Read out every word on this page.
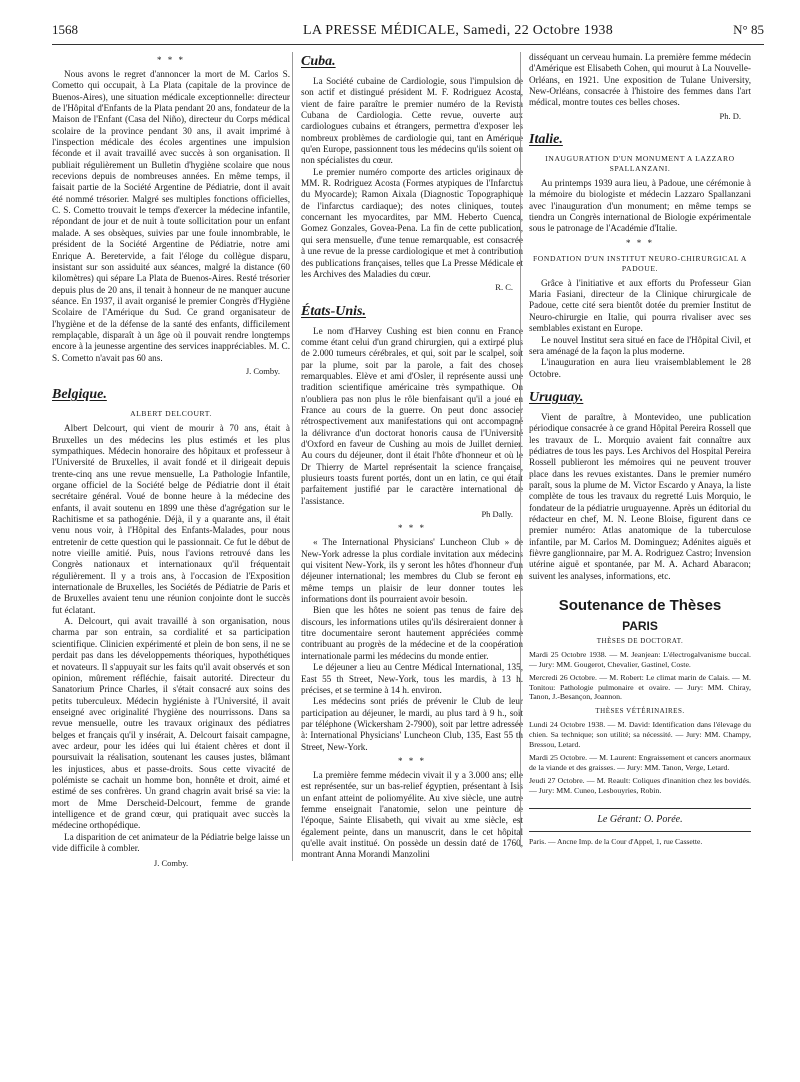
1568	LA PRESSE MÉDICALE, Samedi, 22 Octobre 1938	N° 85
* * *

Nous avons le regret d'annoncer la mort de M. Carlos S. Cometto qui occupait, à La Plata (capitale de la province de Buenos-Aires), une situation médicale exceptionnelle: directeur de l'Hôpital d'Enfants de la Plata pendant 20 ans, fondateur de la Maison de l'Enfant (Casa del Niño), directeur du Corps médical scolaire de la province pendant 30 ans, il avait imprimé à l'inspection médicale des écoles argentines une impulsion féconde et il avait travaillé avec succès à son organisation. Il publiait régulièrement un Bulletin d'hygiène scolaire que nous recevions depuis de nombreuses années. En même temps, il faisait partie de la Société Argentine de Pédiatrie, dont il avait été nommé trésorier. Malgré ses multiples fonctions officielles, C. S. Cometto trouvait le temps d'exercer la médecine infantile, répondant de jour et de nuit à toute sollicitation pour un enfant malade. A ses obsèques, suivies par une foule innombrable, le président de la Société Argentine de Pédiatrie, notre ami Enrique A. Beretervide, a fait l'éloge du collègue disparu, insistant sur son assiduité aux séances, malgré la distance (60 kilomètres) qui sépare La Plata de Buenos-Aires. Resté trésorier depuis plus de 20 ans, il tenait à honneur de ne manquer aucune séance. En 1937, il avait organisé le premier Congrès d'Hygiène Scolaire de l'Amérique du Sud. Ce grand organisateur de l'hygiène et de la défense de la santé des enfants, difficilement remplaçable, disparaît à un âge où il pouvait rendre longtemps encore à la jeunesse argentine des services inappréciables. M. C. S. Cometto n'avait pas 60 ans.

J. Comby.
Belgique.
ALBERT DELCOURT.

Albert Delcourt, qui vient de mourir à 70 ans, était à Bruxelles un des médecins les plus estimés et les plus sympathiques. Médecin honoraire des hôpitaux et professeur à l'Université de Bruxelles, il avait fondé et il dirigeait depuis trente-cinq ans une revue mensuelle, La Pathologie Infantile, organe officiel de la Société belge de Pédiatrie dont il était secrétaire général. Voué de bonne heure à la médecine des enfants, il avait soutenu en 1899 une thèse d'agrégation sur le Rachitisme et sa pathogénie. Déjà, il y a quarante ans, il était venu nous voir, à l'Hôpital des Enfants-Malades, pour nous entretenir de cette question qui le passionnait. Ce fut le début de notre vieille amitié. Puis, nous l'avions retrouvé dans les Congrès nationaux et internationaux qu'il fréquentait régulièrement. Il y a trois ans, à l'occasion de l'Exposition internationale de Bruxelles, les Sociétés de Pédiatrie de Paris et de Bruxelles avaient tenu une réunion conjointe dont le succès fut éclatant.

A. Delcourt, qui avait travaillé à son organisation, nous charma par son entrain, sa cordialité et sa participation scientifique. Clinicien expérimenté et plein de bon sens, il ne se perdait pas dans les développements théoriques, hypothétiques et novateurs. Il s'appuyait sur les faits qu'il avait observés et son opinion, mûrement réfléchie, faisait autorité. Directeur du Sanatorium Prince Charles, il s'était consacré aux soins des petits tuberculeux. Médecin hygiéniste à l'Université, il avait enseigné avec originalité l'hygiène des nourrissons. Dans sa revue mensuelle, outre les travaux originaux des pédiatres belges et français qu'il y insérait, A. Delcourt faisait campagne, avec ardeur, pour les idées qui lui étaient chères et dont il poursuivait la réalisation, soutenant les causes justes, blâmant les injustices, abus et passe-droits. Sous cette vivacité de polémiste se cachait un homme bon, honnête et droit, aimé et estimé de ses confrères. Un grand chagrin avait brisé sa vie: la mort de Mme Derscheid-Delcourt, femme de grande intelligence et de grand cœur, qui pratiquait avec succès la médecine orthopédique.

La disparition de cet animateur de la Pédiatrie belge laisse un vide difficile à combler.

J. Comby.
Cuba.

La Société cubaine de Cardiologie, sous l'impulsion de son actif et distingué président M. F. Rodriguez Acosta, vient de faire paraître le premier numéro de la Revista Cubana de Cardiologia. Cette revue, ouverte aux cardiologues cubains et étrangers, permettra d'exposer les nombreux problèmes de cardiologie qui, tant en Amérique qu'en Europe, passionnent tous les médecins qu'ils soient ou non spécialistes du cœur.

Le premier numéro comporte des articles originaux de MM. R. Rodriguez Acosta (Formes atypiques de l'Infarctus du Myocarde); Ramon Aixala (Diagnostic Topographique de l'infarctus cardiaque); des notes cliniques, toutes concernant les myocardites, par MM. Heberto Cuenca, Gomez Gonzales, Govea-Pena. La fin de cette publication, qui sera mensuelle, d'une tenue remarquable, est consacrée à une revue de la presse cardiologique et met à contribution des publications françaises, telles que La Presse Médicale et les Archives des Maladies du cœur.

R. C.
États-Unis.

Le nom d'Harvey Cushing est bien connu en France comme étant celui d'un grand chirurgien, qui a extirpé plus de 2.000 tumeurs cérébrales, et qui, soit par le scalpel, soit par la plume, soit par la parole, a fait des choses remarquables. Elève et ami d'Osler, il représente aussi une tradition scientifique américaine très sympathique. On n'oubliera pas non plus le rôle bienfaisant qu'il a joué en France au cours de la guerre. On peut donc associer rétrospectivement aux manifestations qui ont accompagné la délivrance d'un doctorat honoris causa de l'Université d'Oxford en faveur de Cushing au mois de Juillet dernier. Au cours du déjeuner, dont il était l'hôte d'honneur et où le Dr Thierry de Martel représentait la science française, plusieurs toasts furent portés, dont un en latin, ce qui était parfaitement justifié par le caractère international de l'assistance.

Ph Dally.
* * *

« The International Physicians' Luncheon Club » de New-York adresse la plus cordiale invitation aux médecins qui visitent New-York, ils y seront les hôtes d'honneur d'un déjeuner international; les membres du Club se feront en même temps un plaisir de leur donner toutes les informations dont ils pourraient avoir besoin.

Bien que les hôtes ne soient pas tenus de faire des discours, les informations utiles qu'ils désireraient donner à titre documentaire seront hautement appréciées comme contribuant au progrès de la médecine et de la coopération internationale parmi les médecins du monde entier.

Le déjeuner a lieu au Centre Médical International, 135, East 55 th Street, New-York, tous les mardis, à 13 h. précises, et se termine à 14 h. environ.

Les médecins sont priés de prévenir le Club de leur participation au déjeuner, le mardi, au plus tard à 9 h., soit par téléphone (Wickersham 2-7900), soit par lettre adressée à: International Physicians' Luncheon Club, 135, East 55 th Street, New-York.

* * *

La première femme médecin vivait il y a 3.000 ans; elle est représentée, sur un bas-relief égyptien, présentant à Isis un enfant atteint de poliomyélite. Au xive siècle, une autre femme enseignait l'anatomie, selon une peinture de l'époque, Sainte Elisabeth, qui vivait au xme siècle, est également peinte, dans un manuscrit, dans le cet hôpital qu'elle avait institué. On possède un dessin daté de 1760, montrant Anna Morandi Manzolini

disséquant un cerveau humain. La première femme médecin d'Amérique est Elisabeth Cohen, qui mourut à La Nouvelle-Orléans, en 1921. Une exposition de Tulane University, New-Orléans, consacrée à l'histoire des femmes dans l'art médical, montre toutes ces belles choses.

Ph. D.
Italie.
INAUGURATION D'UN MONUMENT A LAZZARO SPALLANZANI.

Au printemps 1939 aura lieu, à Padoue, une cérémonie à la mémoire du biologiste et médecin Lazzaro Spallanzani avec l'inauguration d'un monument; en même temps se tiendra un Congrès international de Biologie expérimentale sous le patronage de l'Académie d'Italie.

* * *
FONDATION D'UN INSTITUT NEURO-CHIRURGICAL A PADOUE.

Grâce à l'initiative et aux efforts du Professeur Gian Maria Fasiani, directeur de la Clinique chirurgicale de Padoue, cette cité sera bientôt dotée du premier Institut de Neuro-chirurgie en Italie, qui pourra rivaliser avec ses semblables existant en Europe.

Le nouvel Institut sera situé en face de l'Hôpital Civil, et sera aménagé de la façon la plus moderne.

L'inauguration en aura lieu vraisemblablement le 28 Octobre.

Uruguay.

Vient de paraître, à Montevideo, une publication périodique consacrée à ce grand Hôpital Pereira Rossell que les travaux de L. Morquio avaient fait connaître aux pédiatres de tous les pays. Les Archivos del Hospital Pereira Rossell publieront les mémoires qui ne peuvent trouver place dans les revues existantes. Dans le premier numéro paraît, sous la plume de M. Victor Escardo y Anaya, la liste complète de tous les travaux du regretté Luis Morquio, le fondateur de la pédiatrie uruguayenne. Après un éditorial du rédacteur en chef, M. N. Leone Bloise, figurent dans ce premier numéro: Atlas anatomique de la tuberculose infantile, par M. Carlos M. Dominguez; Adénites aiguës et fièvre ganglionnaire, par M. A. Rodriguez Castro; Invension utérine aiguë et spontanée, par M. A. Achard Abaracon; suivent les analyses, informations, etc.

Soutenance de Thèses
PARIS
THÈSES DE DOCTORAT.
Mardi 25 Octobre 1938. — M. Jeanjean: L'électrogalvanisme buccal. — Jury: MM. Gougerot, Chevalier, Gastinel, Coste.
Mercredi 26 Octobre. — M. Robert: Le climat marin de Calais. — M. Tonitou: Pathologie pulmonaire et ovaire. — Jury: MM. Chiray, Tanon, J.-Besançon, Joannon.
THÈSES VÉTÉRINAIRES.
Lundi 24 Octobre 1938. — M. David: Identification dans l'élevage du chien. Sa technique; son utilité; sa nécessité. — Jury: MM. Champy, Bressou, Letard.
Mardi 25 Octobre. — M. Laurent: Engraissement et cancers anormaux de la viande et des graisses. — Jury: MM. Tanon, Verge, Letard.
Jeudi 27 Octobre. — M. Reault: Coliques d'inanition chez les bovidés. — Jury: MM. Cuneo, Lesbouyries, Robin.
Le Gérant: O. Porée.
Paris. — Ancne Imp. de la Cour d'Appel, 1, rue Cassette.
